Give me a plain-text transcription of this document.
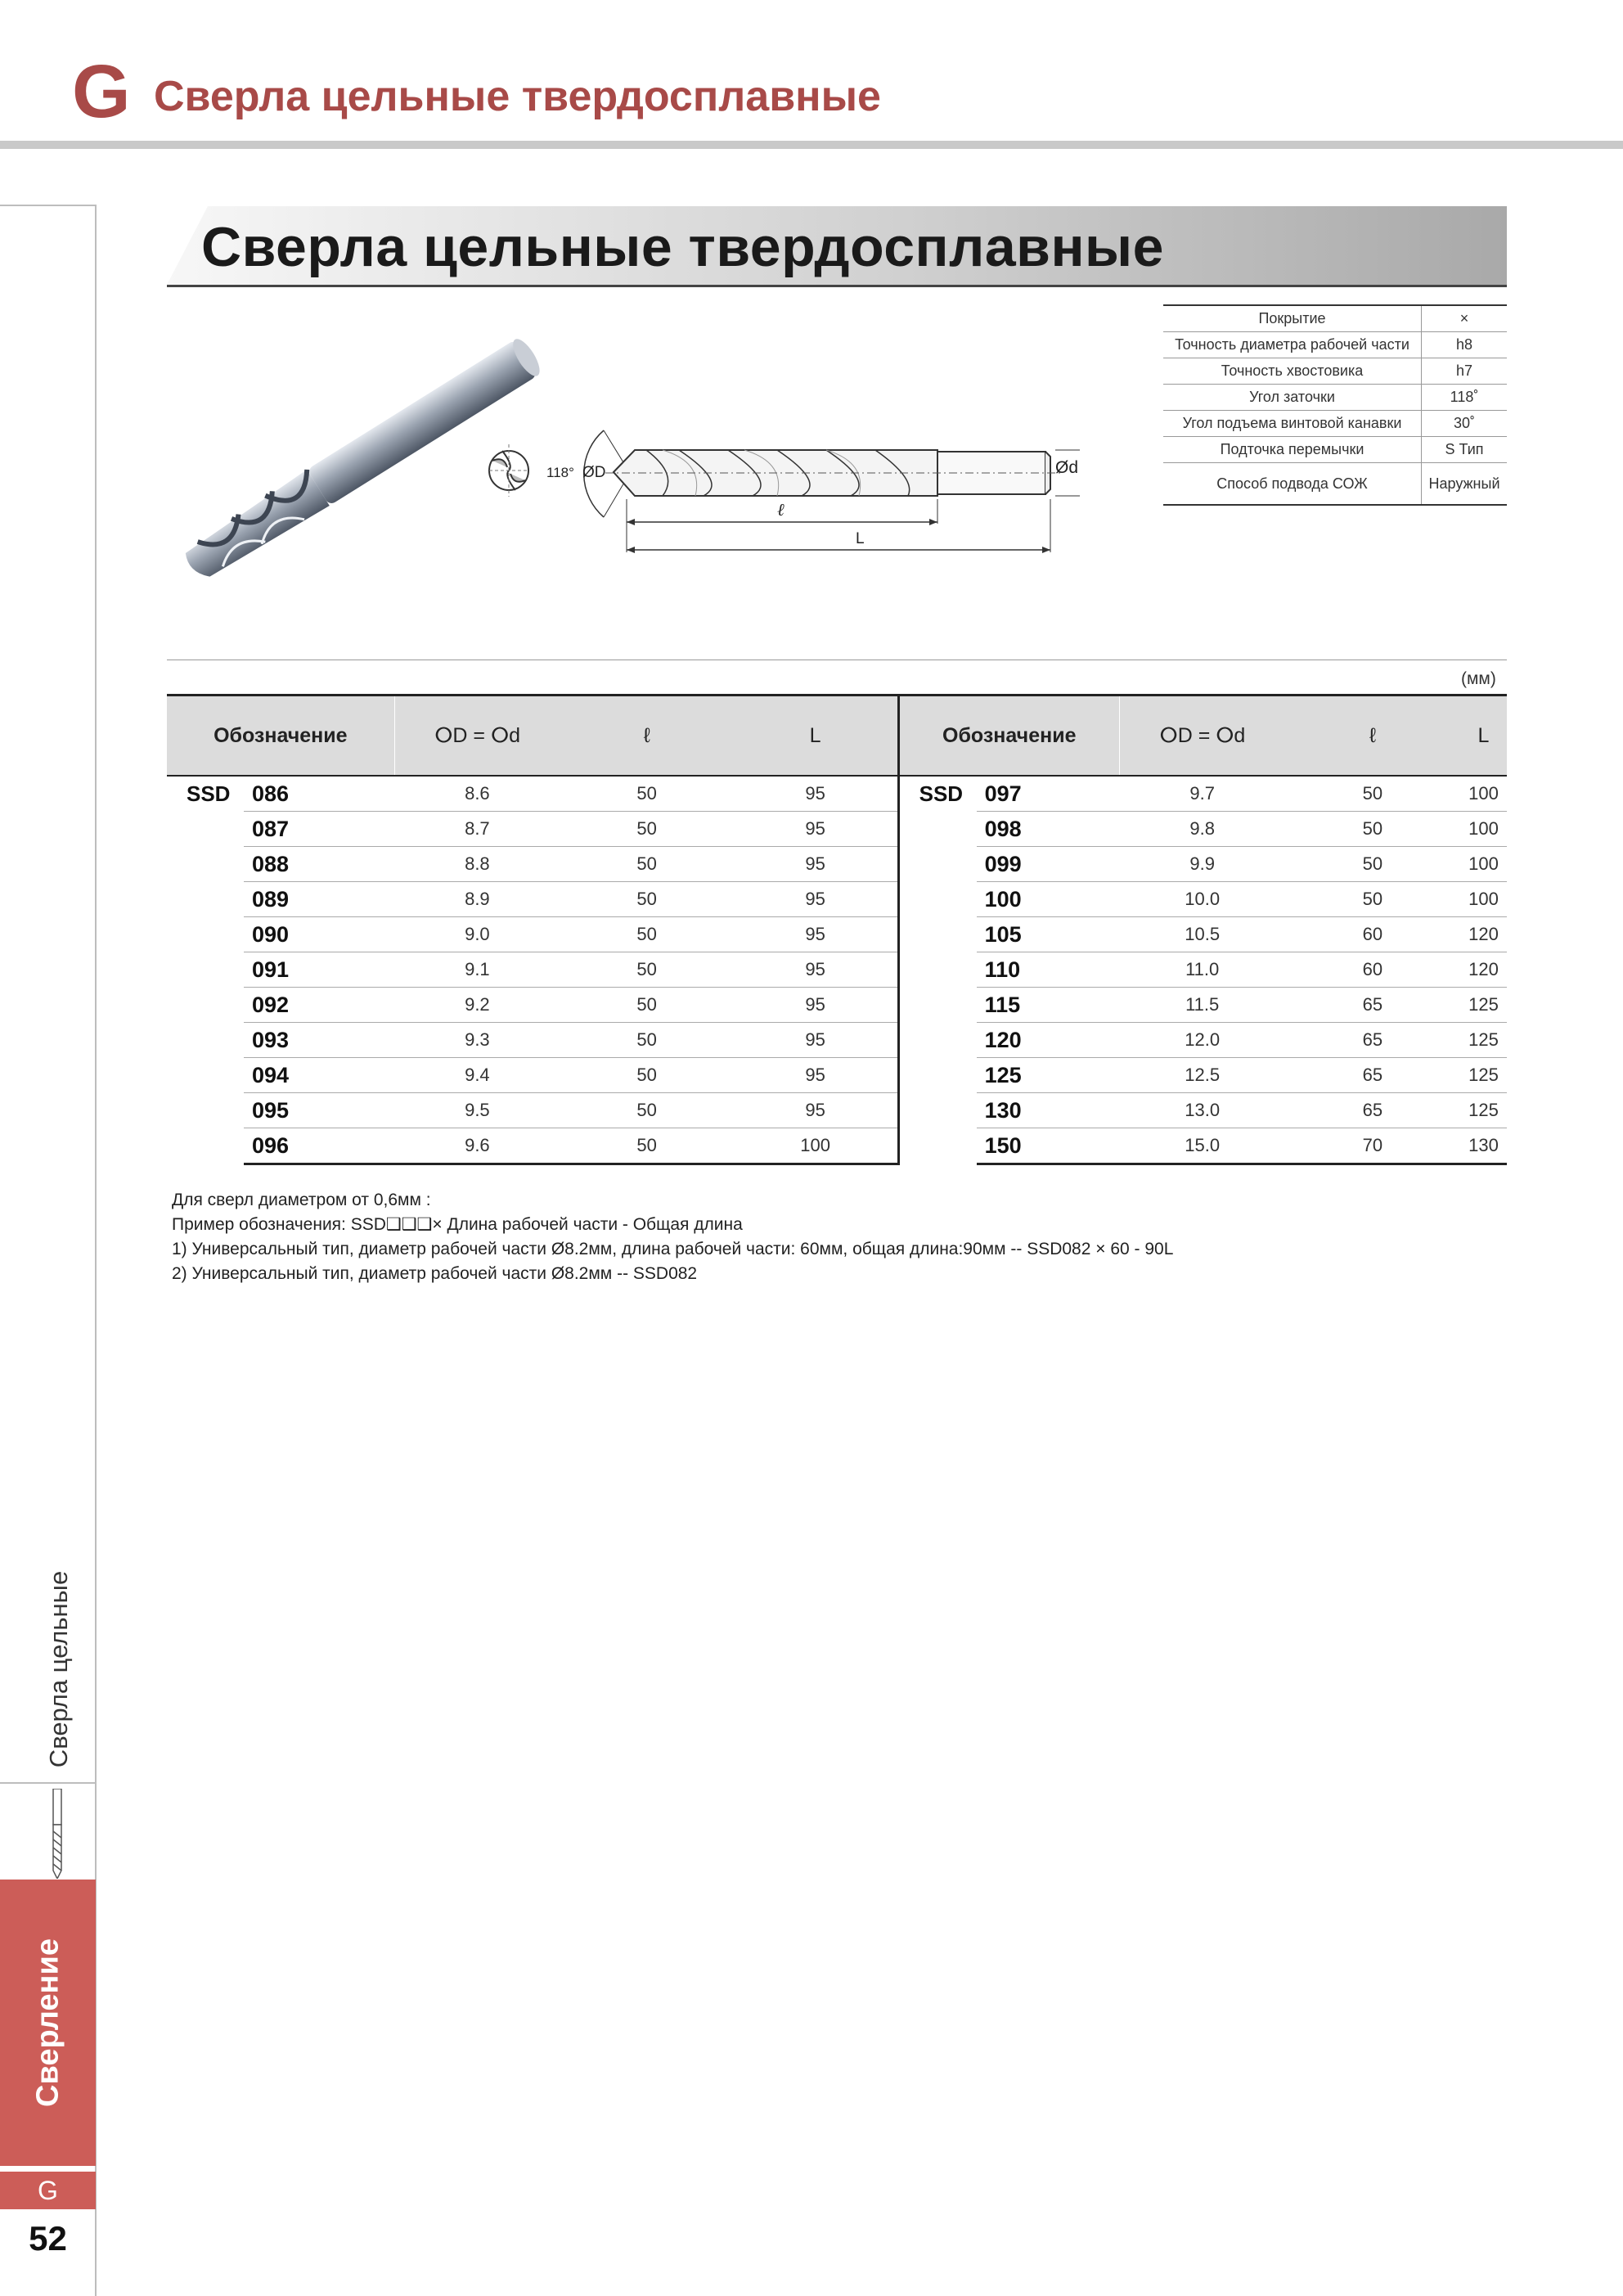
G Сверла цельные твердосплавные
Сверла цельные твердосплавные
118° ØD	Ød
ℓ
L
Покрытие	×
Точность диаметра рабочей части	h8
Точность хвостовика	h7
Угол заточки	118˚
Угол подъема винтовой канавки	30˚
Подточка перемычки	S Тип
Способ подвода СОЖ	Наружный
(мм)
Обозначение		ⵔD = ⵔd	ℓ	L	Обозначение		ⵔD = ⵔd	ℓ	L
SSD	086	8.6	50	95	SSD	097	9.7	50	100
	087	8.7	50	95		098	9.8	50	100
	088	8.8	50	95		099	9.9	50	100
	089	8.9	50	95		100	10.0	50	100
	090	9.0	50	95		105	10.5	60	120
	091	9.1	50	95		110	11.0	60	120
	092	9.2	50	95		115	11.5	65	125
	093	9.3	50	95		120	12.0	65	125
	094	9.4	50	95		125	12.5	65	125
	095	9.5	50	95		130	13.0	65	125
	096	9.6	50	100		150	15.0	70	130
Для сверл диаметром от 0,6мм :
Пример обозначения: SSD❑❑❑× Длина рабочей части - Общая длина
1) Универсальный тип, диаметр рабочей части Ø8.2мм, длина рабочей части: 60мм, общая длина:90мм -- SSD082 × 60 - 90L
2) Универсальный тип, диаметр рабочей части Ø8.2мм -- SSD082
Сверла цельные
Сверление
G
52
